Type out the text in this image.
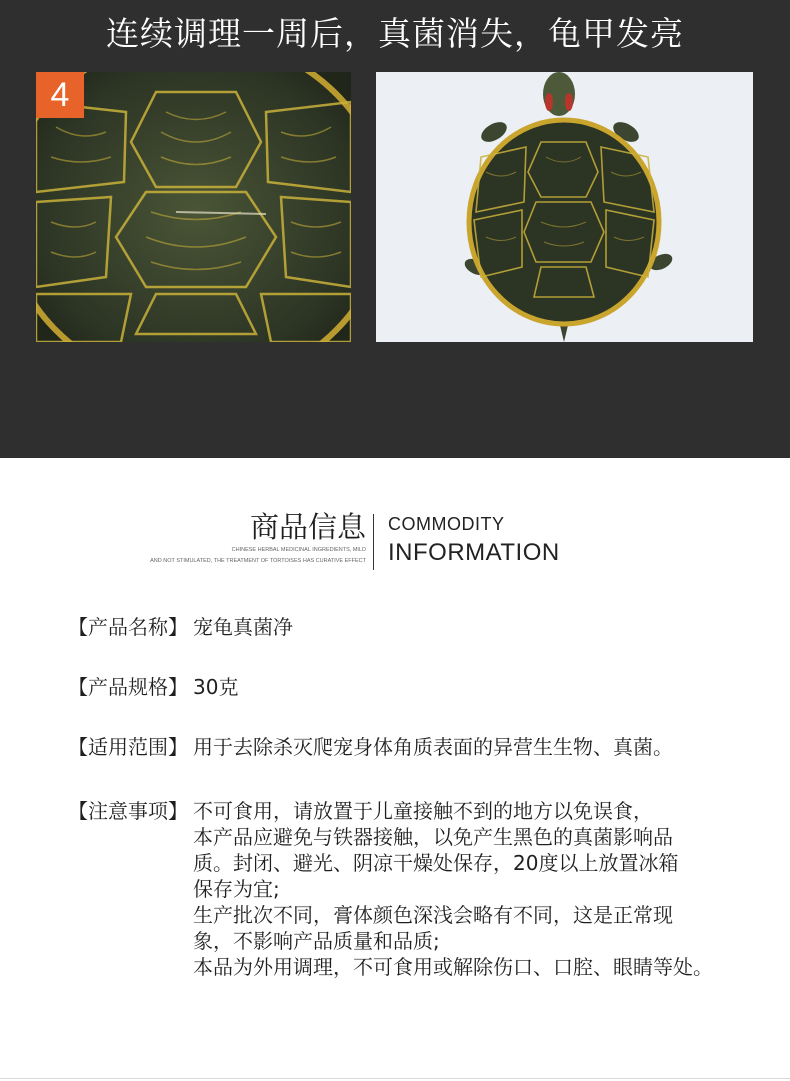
连续调理一周后，真菌消失，龟甲发亮
4
商品信息
CHINESE HERBAL MEDICINAL INGREDIENTS, MILD
AND NOT STIMULATED, THE TREATMENT OF TORTOISES HAS CURATIVE EFFECT
COMMODITY
INFORMATION
【产品名称】 宠龟真菌净
【产品规格】 30克
【适用范围】 用于去除杀灭爬宠身体角质表面的异营生生物、真菌。
【注意事项】 不可食用，请放置于儿童接触不到的地方以免误食，
本产品应避免与铁器接触，以免产生黑色的真菌影响品
质。封闭、避光、阴凉干燥处保存，20度以上放置冰箱
保存为宜;
生产批次不同，膏体颜色深浅会略有不同，这是正常现
象，不影响产品质量和品质;
本品为外用调理，不可食用或解除伤口、口腔、眼睛等处。
